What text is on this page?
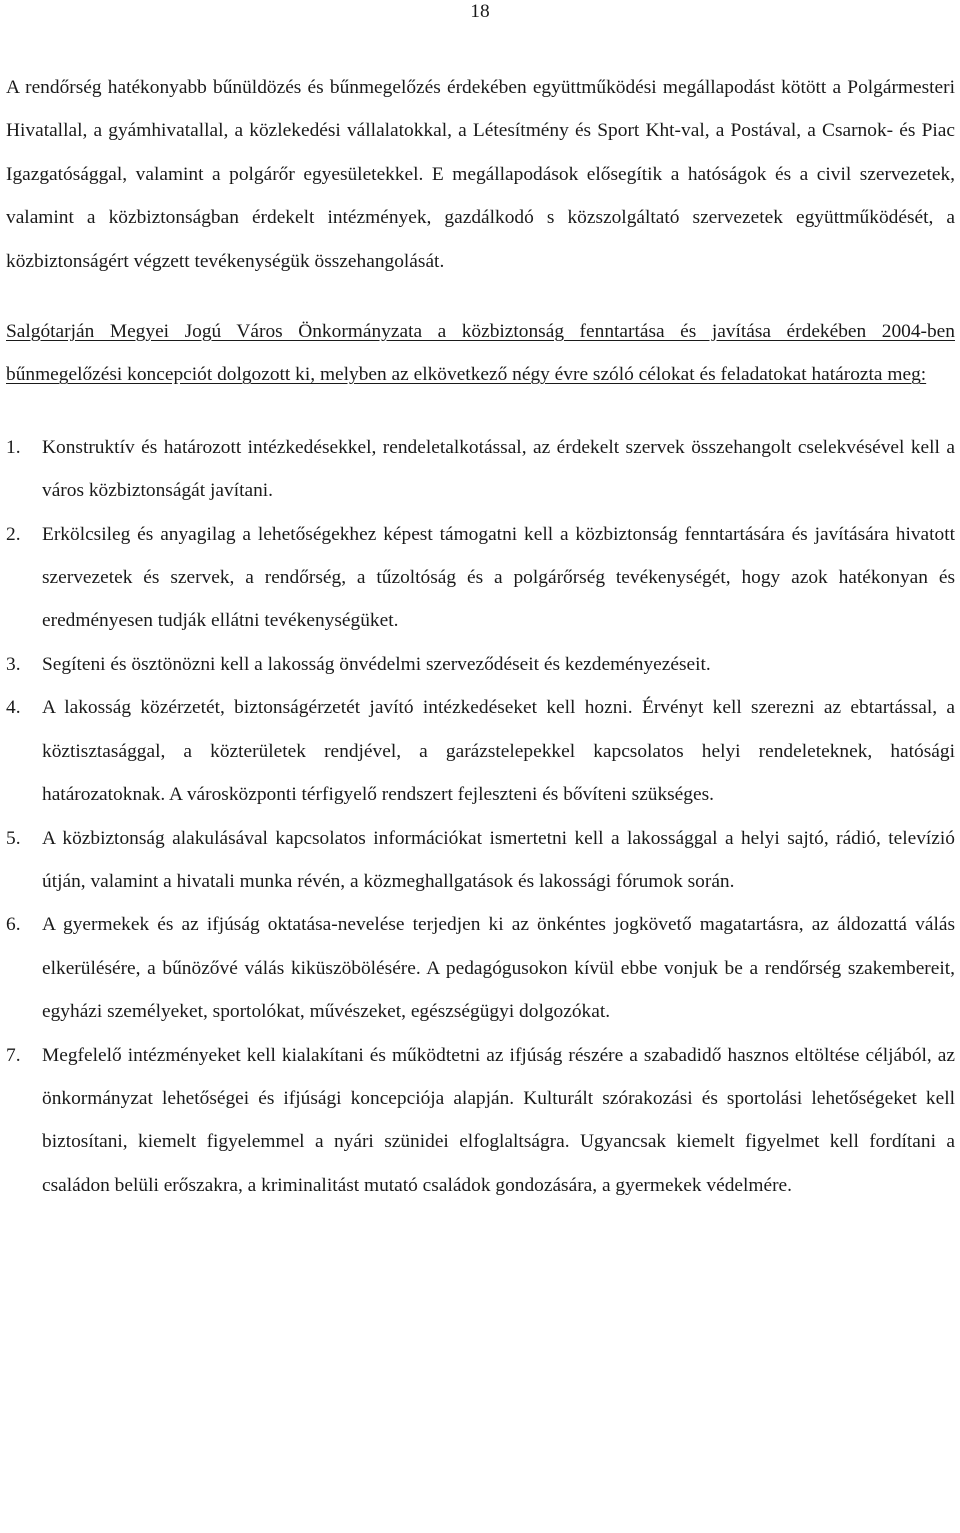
18

A rendőrség hatékonyabb bűnüldözés és bűnmegelőzés érdekében együttműködési megállapodást kötött a Polgármesteri Hivatallal, a gyámhivatallal, a közlekedési vállalatokkal, a Létesítmény és Sport Kht-val, a Postával, a Csarnok- és Piac Igazgatósággal, valamint a polgárőr egyesületekkel. E megállapodások elősegítik a hatóságok és a civil szervezetek, valamint a közbiztonságban érdekelt intézmények, gazdálkodó s közszolgáltató szervezetek együttműködését, a közbiztonságért végzett tevékenységük összehangolását.

Salgótarján Megyei Jogú Város Önkormányzata a közbiztonság fenntartása és javítása érdekében 2004-ben bűnmegelőzési koncepciót dolgozott ki, melyben az elkövetkező négy évre szóló célokat és feladatokat határozta meg:

1.	Konstruktív és határozott intézkedésekkel, rendeletalkotással, az érdekelt szervek összehangolt cselekvésével kell a város közbiztonságát javítani.
2.	Erkölcsileg és anyagilag a lehetőségekhez képest támogatni kell a közbiztonság fenntartására és javítására hivatott szervezetek és szervek, a rendőrség, a tűzoltóság és a polgárőrség tevékenységét, hogy azok hatékonyan és eredményesen tudják ellátni tevékenységüket.
3.	Segíteni és ösztönözni kell a lakosság önvédelmi szerveződéseit és kezdeményezéseit.
4.	A lakosság közérzetét, biztonságérzetét javító intézkedéseket kell hozni. Érvényt kell szerezni az ebtartással, a köztisztasággal, a közterületek rendjével, a garázstelepekkel kapcsolatos helyi rendeleteknek, hatósági határozatoknak. A városközponti térfigyelő rendszert fejleszteni és bővíteni szükséges.
5.	A közbiztonság alakulásával kapcsolatos információkat ismertetni kell a lakossággal a helyi sajtó, rádió, televízió útján, valamint a hivatali munka révén, a közmeghallgatások és lakossági fórumok során.
6.	A gyermekek és az ifjúság oktatása-nevelése terjedjen ki az önkéntes jogkövető magatartásra, az áldozattá válás elkerülésére, a bűnözővé válás kiküszöbölésére. A pedagógusokon kívül ebbe vonjuk be a rendőrség szakembereit, egyházi személyeket, sportolókat, művészeket, egészségügyi dolgozókat.
7.	Megfelelő intézményeket kell kialakítani és működtetni az ifjúság részére a szabadidő hasznos eltöltése céljából, az önkormányzat lehetőségei és ifjúsági koncepciója alapján. Kulturált szórakozási és sportolási lehetőségeket kell biztosítani, kiemelt figyelemmel a nyári szünidei elfoglaltságra. Ugyancsak kiemelt figyelmet kell fordítani a családon belüli erőszakra, a kriminalitást mutató családok gondozására, a gyermekek védelmére.
